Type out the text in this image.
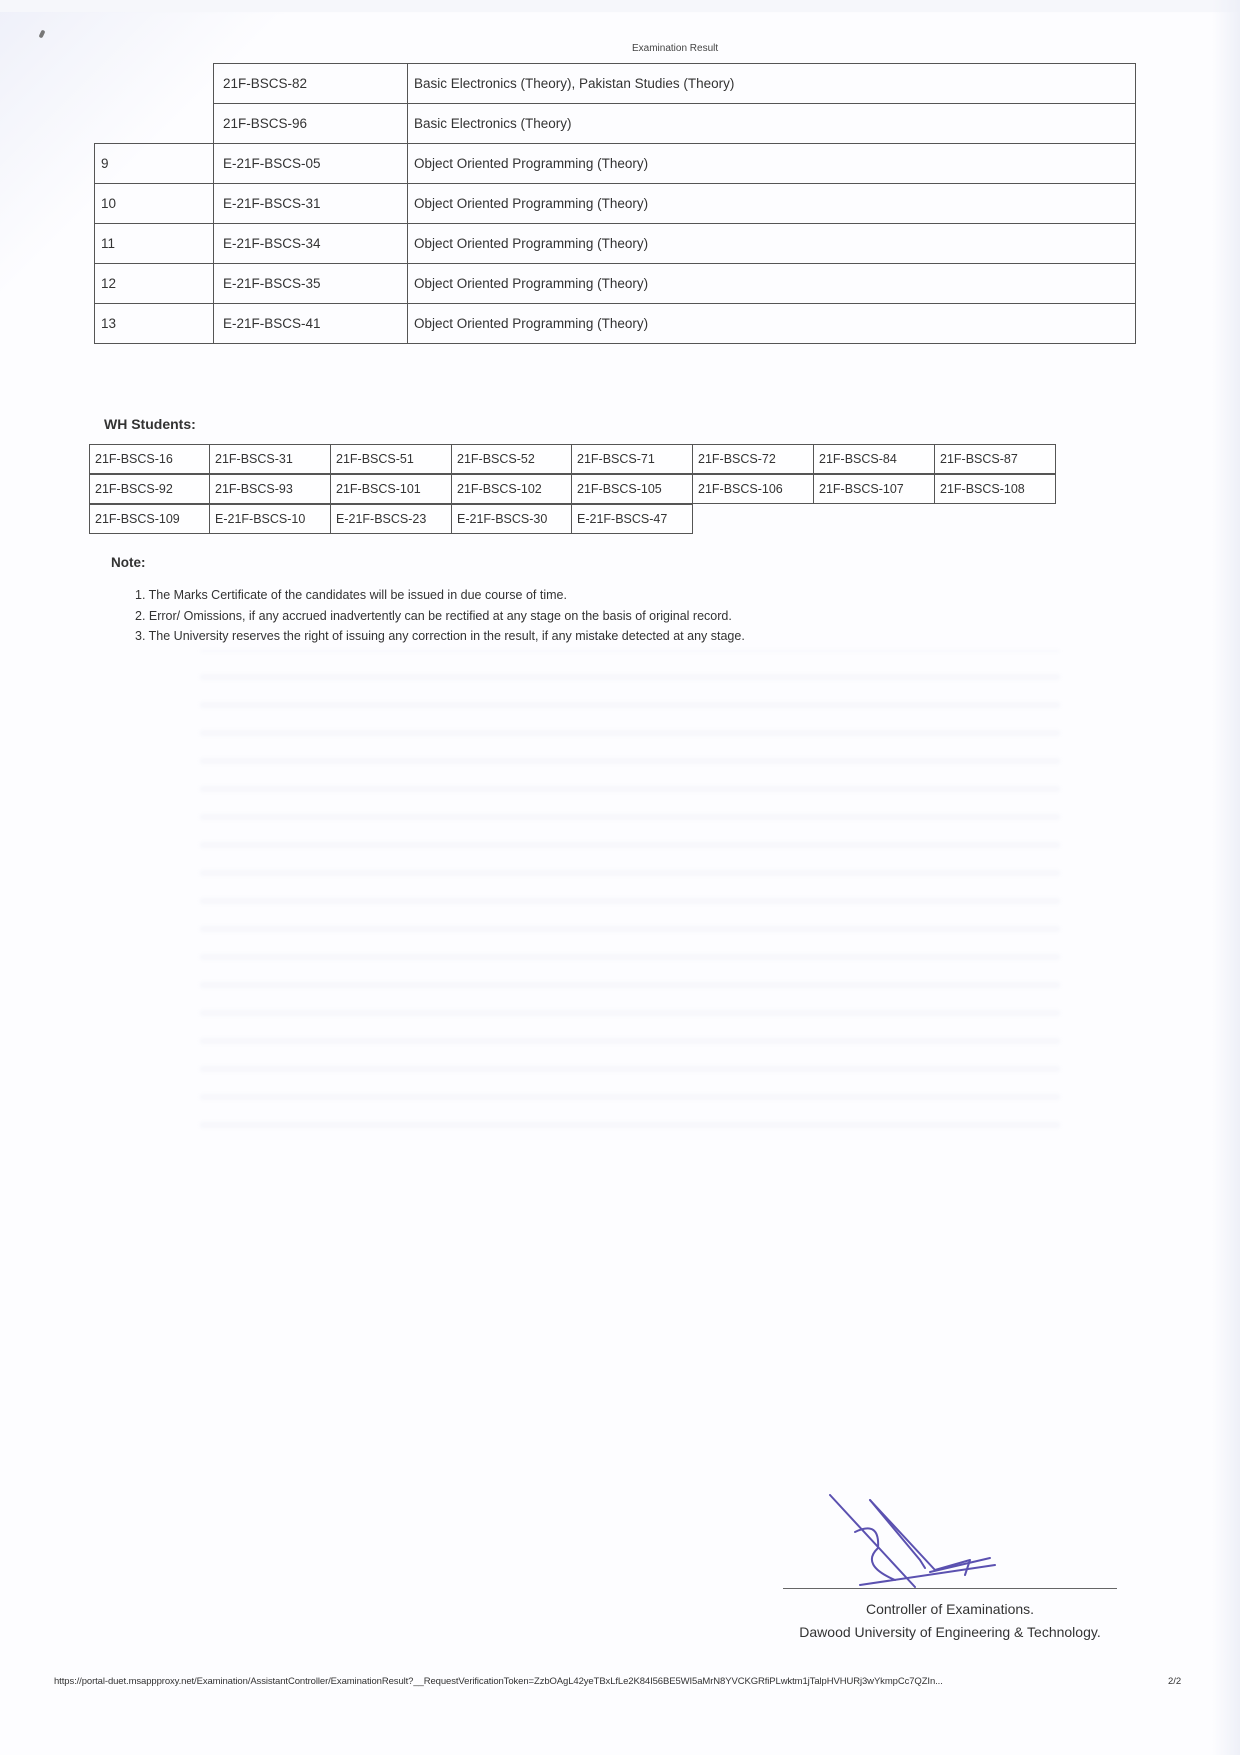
Examination Result
	21F-BSCS-82	Basic Electronics (Theory), Pakistan Studies (Theory)
	21F-BSCS-96	Basic Electronics (Theory)
9	E-21F-BSCS-05	Object Oriented Programming (Theory)
10	E-21F-BSCS-31	Object Oriented Programming (Theory)
11	E-21F-BSCS-34	Object Oriented Programming (Theory)
12	E-21F-BSCS-35	Object Oriented Programming (Theory)
13	E-21F-BSCS-41	Object Oriented Programming (Theory)
WH Students:
21F-BSCS-16	21F-BSCS-31	21F-BSCS-51	21F-BSCS-52	21F-BSCS-71	21F-BSCS-72	21F-BSCS-84	21F-BSCS-87
21F-BSCS-92	21F-BSCS-93	21F-BSCS-101	21F-BSCS-102	21F-BSCS-105	21F-BSCS-106	21F-BSCS-107	21F-BSCS-108
21F-BSCS-109	E-21F-BSCS-10	E-21F-BSCS-23	E-21F-BSCS-30	E-21F-BSCS-47
Note:
1. The Marks Certificate of the candidates will be issued in due course of time.
2. Error/ Omissions, if any accrued inadvertently can be rectified at any stage on the basis of original record.
3. The University reserves the right of issuing any correction in the result, if any mistake detected at any stage.
Controller of Examinations.
Dawood University of Engineering & Technology.
https://portal-duet.msappproxy.net/Examination/AssistantController/ExaminationResult?__RequestVerificationToken=ZzbOAgL42yeTBxLfLe2K84I56BE5WI5aMrN8YVCKGRfiPLwktm1jTalpHVHURj3wYkmpCc7QZIn...	2/2
